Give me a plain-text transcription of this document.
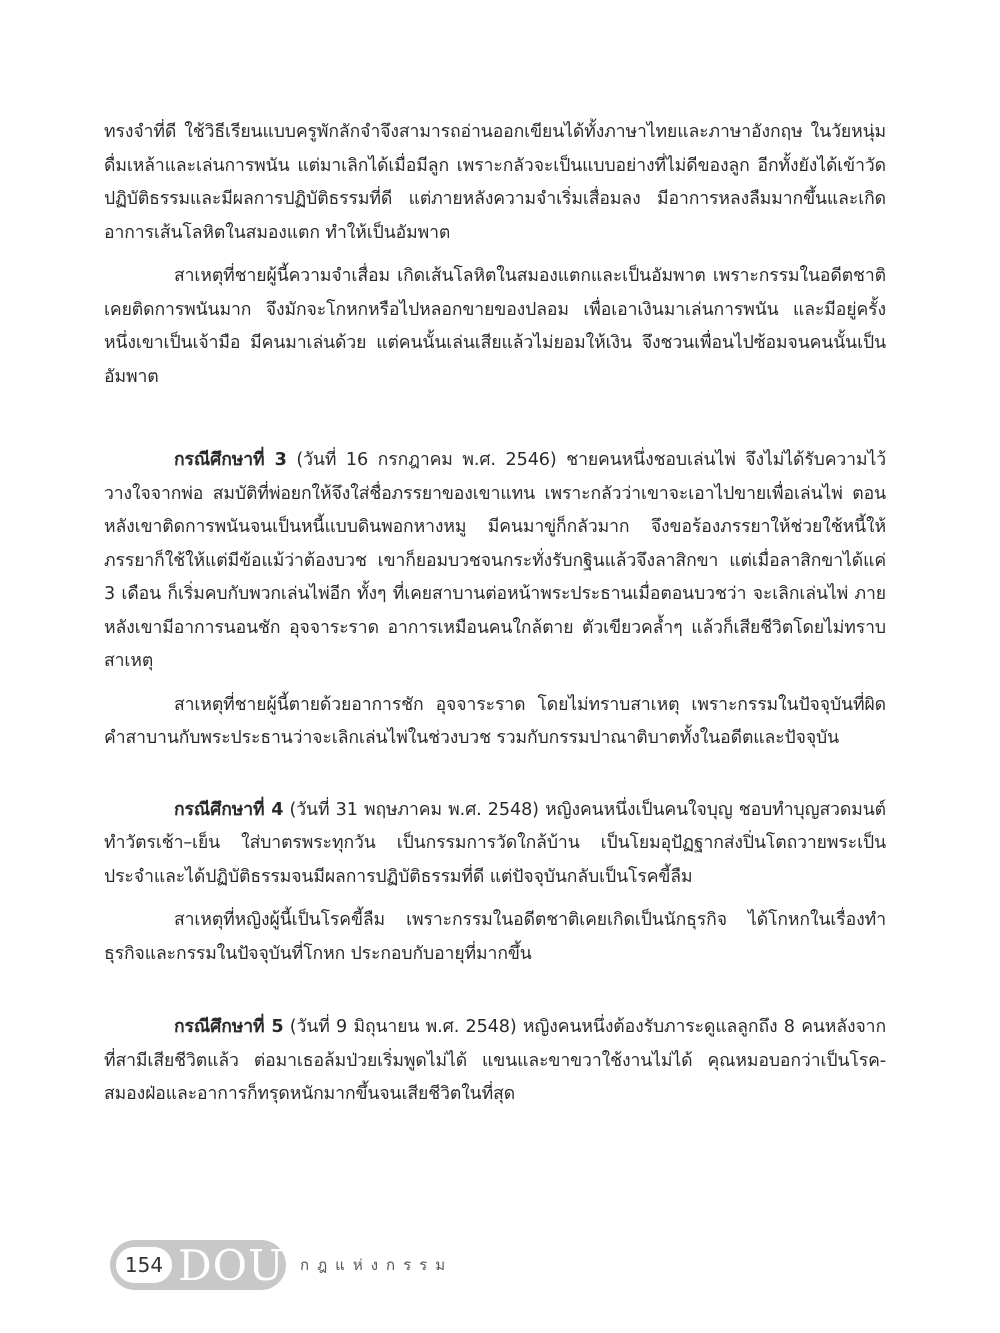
ทรงจำที่ดี ใช้วิธีเรียนแบบครูพักลักจำจึงสามารถอ่านออกเขียนได้ทั้งภาษาไทยและภาษาอังกฤษ ในวัยหนุ่มดื่มเหล้าและเล่นการพนัน แต่มาเลิกได้เมื่อมีลูก เพราะกลัวจะเป็นแบบอย่างที่ไม่ดีของลูก อีกทั้งยังได้เข้าวัดปฏิบัติธรรมและมีผลการปฏิบัติธรรมที่ดี แต่ภายหลังความจำเริ่มเสื่อมลง มีอาการหลงลืมมากขึ้นและเกิดอาการเส้นโลหิตในสมองแตก ทำให้เป็นอัมพาต

สาเหตุที่ชายผู้นี้ความจำเสื่อม เกิดเส้นโลหิตในสมองแตกและเป็นอัมพาต เพราะกรรมในอดีตชาติเคยติดการพนันมาก จึงมักจะโกหกหรือไปหลอกขายของปลอม เพื่อเอาเงินมาเล่นการพนัน และมีอยู่ครั้งหนึ่งเขาเป็นเจ้ามือ มีคนมาเล่นด้วย แต่คนนั้นเล่นเสียแล้วไม่ยอมให้เงิน จึงชวนเพื่อนไปซ้อมจนคนนั้นเป็นอัมพาต

กรณีศึกษาที่ 3 (วันที่ 16 กรกฎาคม พ.ศ. 2546) ชายคนหนึ่งชอบเล่นไพ่ จึงไม่ได้รับความไว้วางใจจากพ่อ สมบัติที่พ่อยกให้จึงใส่ชื่อภรรยาของเขาแทน เพราะกลัวว่าเขาจะเอาไปขายเพื่อเล่นไพ่ ตอนหลังเขาติดการพนันจนเป็นหนี้แบบดินพอกหางหมู มีคนมาขู่ก็กลัวมาก จึงขอร้องภรรยาให้ช่วยใช้หนี้ให้ ภรรยาก็ใช้ให้แต่มีข้อแม้ว่าต้องบวช เขาก็ยอมบวชจนกระทั่งรับกฐินแล้วจึงลาสิกขา แต่เมื่อลาสิกขาได้แค่ 3 เดือน ก็เริ่มคบกับพวกเล่นไพ่อีก ทั้งๆ ที่เคยสาบานต่อหน้าพระประธานเมื่อตอนบวชว่า จะเลิกเล่นไพ่ ภายหลังเขามีอาการนอนชัก อุจจาระราด อาการเหมือนคนใกล้ตาย ตัวเขียวคล้ำๆ แล้วก็เสียชีวิตโดยไม่ทราบสาเหตุ

สาเหตุที่ชายผู้นี้ตายด้วยอาการชัก อุจจาระราด โดยไม่ทราบสาเหตุ เพราะกรรมในปัจจุบันที่ผิดคำสาบานกับพระประธานว่าจะเลิกเล่นไพ่ในช่วงบวช รวมกับกรรมปาณาติบาตทั้งในอดีตและปัจจุบัน

กรณีศึกษาที่ 4 (วันที่ 31 พฤษภาคม พ.ศ. 2548) หญิงคนหนึ่งเป็นคนใจบุญ ชอบทำบุญสวดมนต์ทำวัตรเช้า–เย็น ใส่บาตรพระทุกวัน เป็นกรรมการวัดใกล้บ้าน เป็นโยมอุปัฏฐากส่งปิ่นโตถวายพระเป็นประจำและได้ปฏิบัติธรรมจนมีผลการปฏิบัติธรรมที่ดี แต่ปัจจุบันกลับเป็นโรคขี้ลืม

สาเหตุที่หญิงผู้นี้เป็นโรคขี้ลืม เพราะกรรมในอดีตชาติเคยเกิดเป็นนักธุรกิจ ได้โกหกในเรื่องทำธุรกิจและกรรมในปัจจุบันที่โกหก ประกอบกับอายุที่มากขึ้น

กรณีศึกษาที่ 5 (วันที่ 9 มิถุนายน พ.ศ. 2548) หญิงคนหนึ่งต้องรับภาระดูแลลูกถึง 8 คนหลังจากที่สามีเสียชีวิตแล้ว ต่อมาเธอล้มป่วยเริ่มพูดไม่ได้ แขนและขาขวาใช้งานไม่ได้ คุณหมอบอกว่าเป็นโรค-สมองฝ่อและอาการก็ทรุดหนักมากขึ้นจนเสียชีวิตในที่สุด

154 DOU กฎแห่งกรรม
